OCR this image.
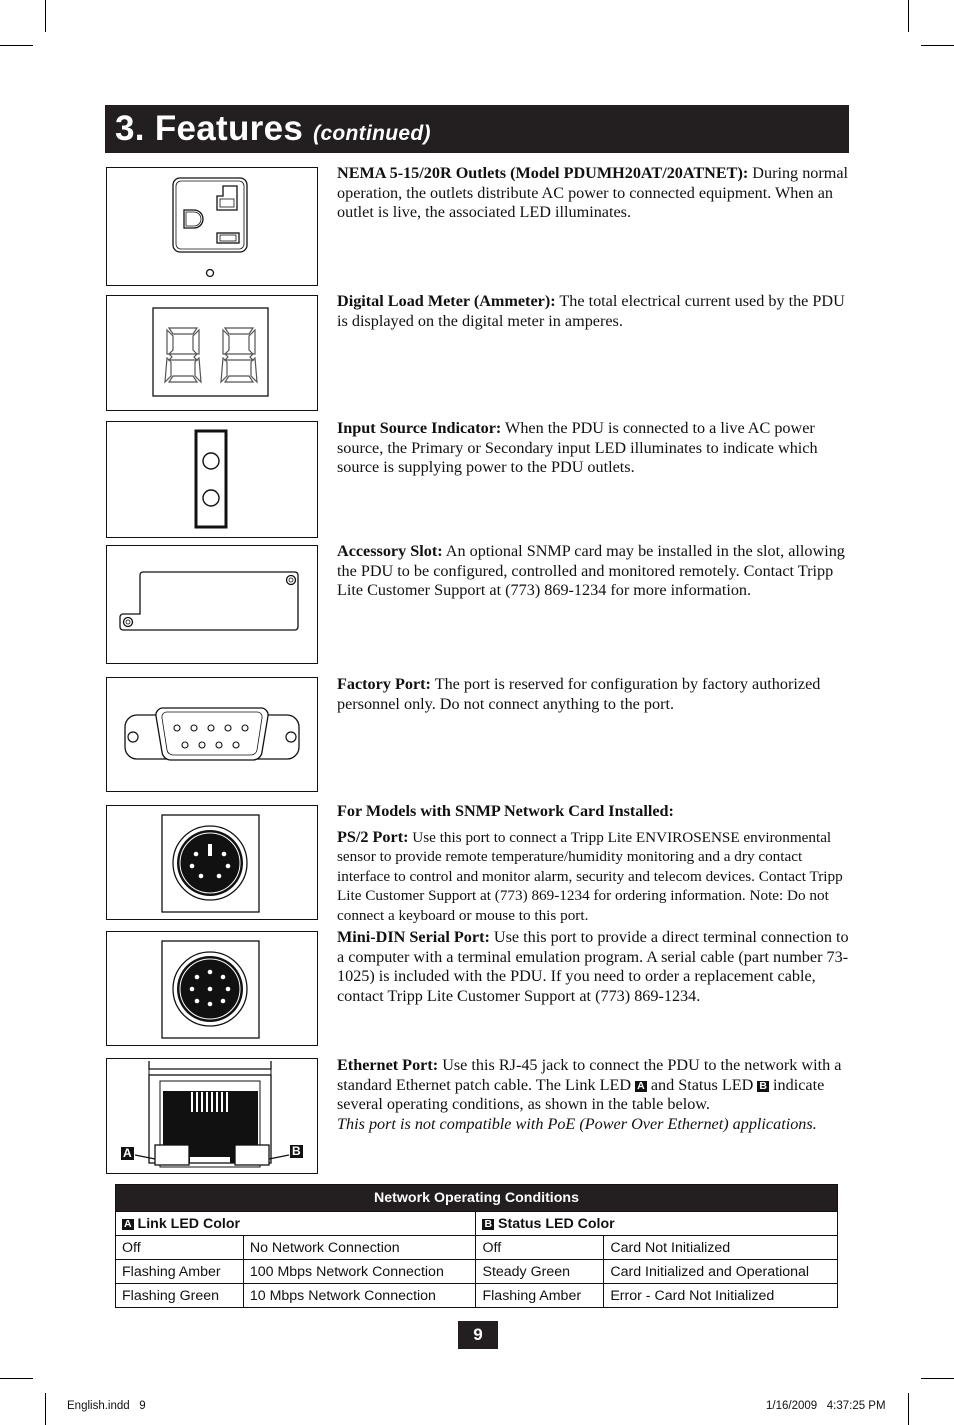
3. Features (continued)
NEMA 5-15/20R Outlets (Model PDUMH20AT/20ATNET): During normal operation, the outlets distribute AC power to connected equipment. When an outlet is live, the associated LED illuminates.
Digital Load Meter (Ammeter): The total electrical current used by the PDU is displayed on the digital meter in amperes.
Input Source Indicator: When the PDU is connected to a live AC power source, the Primary or Secondary input LED illuminates to indicate which source is supplying power to the PDU outlets.
Accessory Slot: An optional SNMP card may be installed in the slot, allowing the PDU to be configured, controlled and monitored remotely. Contact Tripp Lite Customer Support at (773) 869-1234 for more information.
Factory Port: The port is reserved for configuration by factory authorized personnel only. Do not connect anything to the port.
For Models with SNMP Network Card Installed:
PS/2 Port: Use this port to connect a Tripp Lite ENVIROSENSE environmental sensor to provide remote temperature/humidity monitoring and a dry contact interface to control and monitor alarm, security and telecom devices. Contact Tripp Lite Customer Support at (773) 869-1234 for ordering information. Note: Do not connect a keyboard or mouse to this port.
Mini-DIN Serial Port: Use this port to provide a direct terminal connection to a computer with a terminal emulation program. A serial cable (part number 73-1025) is included with the PDU. If you need to order a replacement cable, contact Tripp Lite Customer Support at (773) 869-1234.
A	B
Ethernet Port: Use this RJ-45 jack to connect the PDU to the network with a standard Ethernet patch cable. The Link LED A and Status LED B indicate several operating conditions, as shown in the table below.
This port is not compatible with PoE (Power Over Ethernet) applications.
Network Operating Conditions			
A Link LED Color		B Status LED Color	
Off	No Network Connection	Off	Card Not Initialized
Flashing Amber	100 Mbps Network Connection	Steady Green	Card Initialized and Operational
Flashing Green	10 Mbps Network Connection	Flashing Amber	Error - Card Not Initialized
9
English.indd   9	1/16/2009   4:37:25 PM
